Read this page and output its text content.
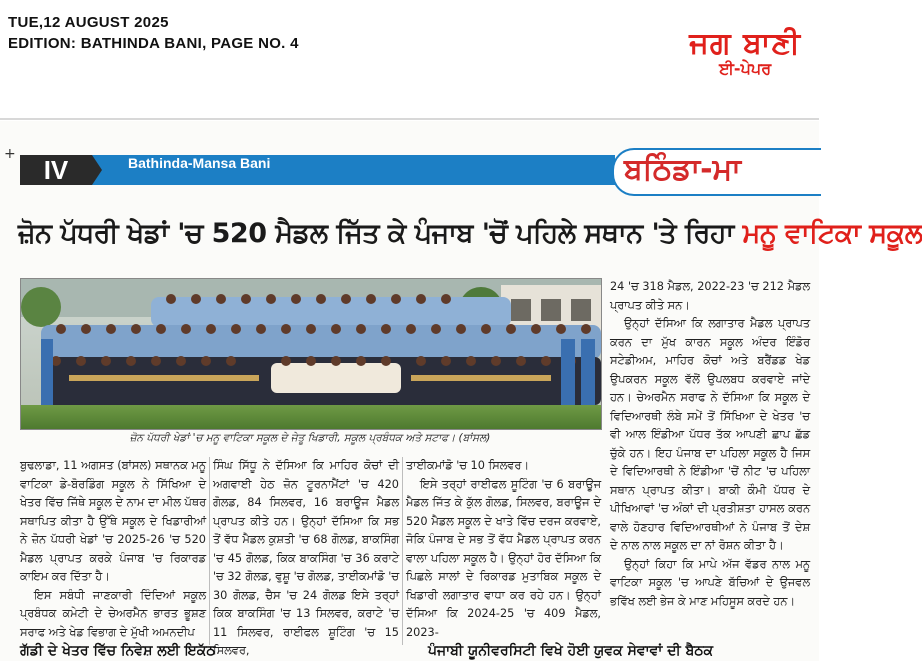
TUE,12 AUGUST 2025
EDITION: BATHINDA BANI, PAGE NO. 4	ਜਗ ਬਾਣੀ
ਈ-ਪੇਪਰ
+
IV	Bathinda-Mansa Bani	ਬਠਿੰਡਾ-ਮਾ
ਜ਼ੋਨ ਪੱਧਰੀ ਖੇਡਾਂ 'ਚ 520 ਮੈਡਲ ਜਿੱਤ ਕੇ ਪੰਜਾਬ 'ਚੋਂ ਪਹਿਲੇ ਸਥਾਨ 'ਤੇ ਰਿਹਾ ਮਨੂ ਵਾਟਿਕਾ ਸਕੂਲ
ਜ਼ੋਨ ਪੱਧਰੀ ਖੇਡਾਂ 'ਚ ਮਨੂ ਵਾਟਿਕਾ ਸਕੂਲ ਦੇ ਜੇਤੂ ਖਿਡਾਰੀ, ਸਕੂਲ ਪ੍ਰਬੰਧਕ ਅਤੇ ਸਟਾਫ। (ਬਾਂਸਲ)

ਬੁਢਲਾਡਾ, 11 ਅਗਸਤ (ਬਾਂਸਲ) ਸਥਾਨਕ ਮਨੂ ਵਾਟਿਕਾ ਡੇ-ਬੋਰਡਿੰਗ ਸਕੂਲ ਨੇ ਸਿੱਖਿਆ ਦੇ ਖੇਤਰ ਵਿੱਚ ਜਿੱਥੇ ਸਕੂਲ ਦੇ ਨਾਮ ਦਾ ਮੀਲ ਪੱਥਰ ਸਥਾਪਿਤ ਕੀਤਾ ਹੈ ਉੱਥੇ ਸਕੂਲ ਦੇ ਖਿਡਾਰੀਆਂ ਨੇ ਜ਼ੋਨ ਪੱਧਰੀ ਖੇਡਾਂ 'ਚ 2025-26 'ਚ 520 ਮੈਡਲ ਪ੍ਰਾਪਤ ਕਰਕੇ ਪੰਜਾਬ 'ਚ ਰਿਕਾਰਡ ਕਾਇਮ ਕਰ ਦਿੱਤਾ ਹੈ।

ਇਸ ਸਬੰਧੀ ਜਾਣਕਾਰੀ ਦਿੰਦਿਆਂ ਸਕੂਲ ਪ੍ਰਬੰਧਕ ਕਮੇਟੀ ਦੇ ਚੇਅਰਮੈਨ ਭਾਰਤ ਭੂਸ਼ਣ ਸਰਾਫ ਅਤੇ ਖੇਡ ਵਿਭਾਗ ਦੇ ਮੁੱਖੀ ਅਮਨਦੀਪ

ਸਿੰਘ ਸਿੱਧੂ ਨੇ ਦੱਸਿਆ ਕਿ ਮਾਹਿਰ ਕੋਚਾਂ ਦੀ ਅਗਵਾਈ ਹੇਠ ਜ਼ੋਨ ਟੂਰਨਾਮੈਂਟਾਂ 'ਚ 420 ਗੋਲਡ, 84 ਸਿਲਵਰ, 16 ਬਰਾਊਜ ਮੈਡਲ ਪ੍ਰਾਪਤ ਕੀਤੇ ਹਨ। ਉਨ੍ਹਾਂ ਦੱਸਿਆ ਕਿ ਸਭ ਤੋਂ ਵੱਧ ਮੈਡਲ ਕੁਸ਼ਤੀ 'ਚ 68 ਗੋਲਡ, ਬਾਕਸਿੰਗ 'ਚ 45 ਗੋਲਡ, ਕਿਕ ਬਾਕਸਿੰਗ 'ਚ 36 ਕਰਾਟੇ 'ਚ 32 ਗੋਲਡ, ਵੁਸ਼ੂ 'ਚ ਗੋਲਡ, ਤਾਈਕਮਾਂਡੋ 'ਚ 30 ਗੋਲਡ, ਚੈਸ 'ਚ 24 ਗੋਲਡ ਇਸੇ ਤਰ੍ਹਾਂ ਕਿਕ ਬਾਕਸਿੰਗ 'ਚ 13 ਸਿਲਵਰ, ਕਰਾਟੇ 'ਚ 11 ਸਿਲਵਰ, ਰਾਈਫਲ ਸ਼ੂਟਿੰਗ 'ਚ 15 ਸਿਲਵਰ,

ਤਾਈਕਮਾਂਡੋ 'ਚ 10 ਸਿਲਵਰ।

ਇਸੇ ਤਰ੍ਹਾਂ ਰਾਈਫਲ ਸੂਟਿੰਗ 'ਚ 6 ਬਰਾਊਜ ਮੈਡਲ ਜਿੱਤ ਕੇ ਕੁੱਲ ਗੋਲਡ, ਸਿਲਵਰ, ਬਰਾਊਜ ਦੇ 520 ਮੈਡਲ ਸਕੂਲ ਦੇ ਖਾਤੇ ਵਿੱਚ ਦਰਜ ਕਰਵਾਏ, ਜੋਕਿ ਪੰਜਾਬ ਦੇ ਸਭ ਤੋਂ ਵੱਧ ਮੈਡਲ ਪ੍ਰਾਪਤ ਕਰਨ ਵਾਲਾ ਪਹਿਲਾ ਸਕੂਲ ਹੈ। ਉਨ੍ਹਾਂ ਹੋਰ ਦੱਸਿਆ ਕਿ ਪਿਛਲੇ ਸਾਲਾਂ ਦੇ ਰਿਕਾਰਡ ਮੁਤਾਬਿਕ ਸਕੂਲ ਦੇ ਖਿਡਾਰੀ ਲਗਾਤਾਰ ਵਾਧਾ ਕਰ ਰਹੇ ਹਨ। ਉਨ੍ਹਾਂ ਦੱਸਿਆ ਕਿ 2024-25 'ਚ 409 ਮੈਡਲ, 2023-

24 'ਚ 318 ਮੈਡਲ, 2022-23 'ਚ 212 ਮੈਡਲ ਪ੍ਰਾਪਤ ਕੀਤੇ ਸਨ।

ਉਨ੍ਹਾਂ ਦੱਸਿਆ ਕਿ ਲਗਾਤਾਰ ਮੈਡਲ ਪ੍ਰਾਪਤ ਕਰਨ ਦਾ ਮੁੱਖ ਕਾਰਨ ਸਕੂਲ ਅੰਦਰ ਇੰਡੋਰ ਸਟੇਡੀਅਮ, ਮਾਹਿਰ ਕੋਚਾਂ ਅਤੇ ਬਰੈਂਡਡ ਖੇਡ ਉਪਕਰਨ ਸਕੂਲ ਵੱਲੋਂ ਉਪਲਬਧ ਕਰਵਾਏ ਜਾਂਦੇ ਹਨ। ਚੇਅਰਮੈਨ ਸਰਾਫ ਨੇ ਦੱਸਿਆ ਕਿ ਸਕੂਲ ਦੇ ਵਿਦਿਆਰਥੀ ਲੰਬੇ ਸਮੇਂ ਤੋਂ ਸਿੱਖਿਆ ਦੇ ਖੇਤਰ 'ਚ ਵੀ ਆਲ ਇੰਡੀਆ ਪੱਧਰ ਤੱਕ ਆਪਣੀ ਛਾਪ ਛੱਡ ਚੁੱਕੇ ਹਨ। ਇਹ ਪੰਜਾਬ ਦਾ ਪਹਿਲਾ ਸਕੂਲ ਹੈ ਜਿਸ ਦੇ ਵਿਦਿਆਰਥੀ ਨੇ ਇੰਡੀਆ 'ਚੋਂ ਨੀਟ 'ਚ ਪਹਿਲਾ ਸਥਾਨ ਪ੍ਰਾਪਤ ਕੀਤਾ। ਬਾਕੀ ਕੌਮੀ ਪੱਧਰ ਦੇ ਪੀਖਿਆਵਾਂ 'ਚ ਅੰਕਾਂ ਦੀ ਪ੍ਰਤੀਸ਼ਤਾ ਹਾਸਲ ਕਰਨ ਵਾਲੇ ਹੋਣਹਾਰ ਵਿਦਿਆਰਥੀਆਂ ਨੇ ਪੰਜਾਬ ਤੋਂ ਦੇਸ਼ ਦੇ ਨਾਲ ਨਾਲ ਸਕੂਲ ਦਾ ਨਾਂ ਰੋਸ਼ਨ ਕੀਤਾ ਹੈ।

ਉਨ੍ਹਾਂ ਕਿਹਾ ਕਿ ਮਾਪੇ ਅੱਜ ਵੱਡਰ ਨਾਲ ਮਨੂ ਵਾਟਿਕਾ ਸਕੂਲ 'ਚ ਆਪਣੇ ਬੱਚਿਆਂ ਦੇ ਉਜਵਲ ਭਵਿੱਖ ਲਈ ਭੇਜ ਕੇ ਮਾਣ ਮਹਿਸੂਸ ਕਰਦੇ ਹਨ।

ਗੱਡੀ ਦੇ ਖੇਤਰ ਵਿੱਚ ਨਿਵੇਸ਼ ਲਈ ਇਕੱਠ	ਪੰਜਾਬੀ ਯੂਨੀਵਰਸਿਟੀ ਵਿਖੇ ਹੋਈ ਯੁਵਕ ਸੇਵਾਵਾਂ ਦੀ ਬੈਠਕ
